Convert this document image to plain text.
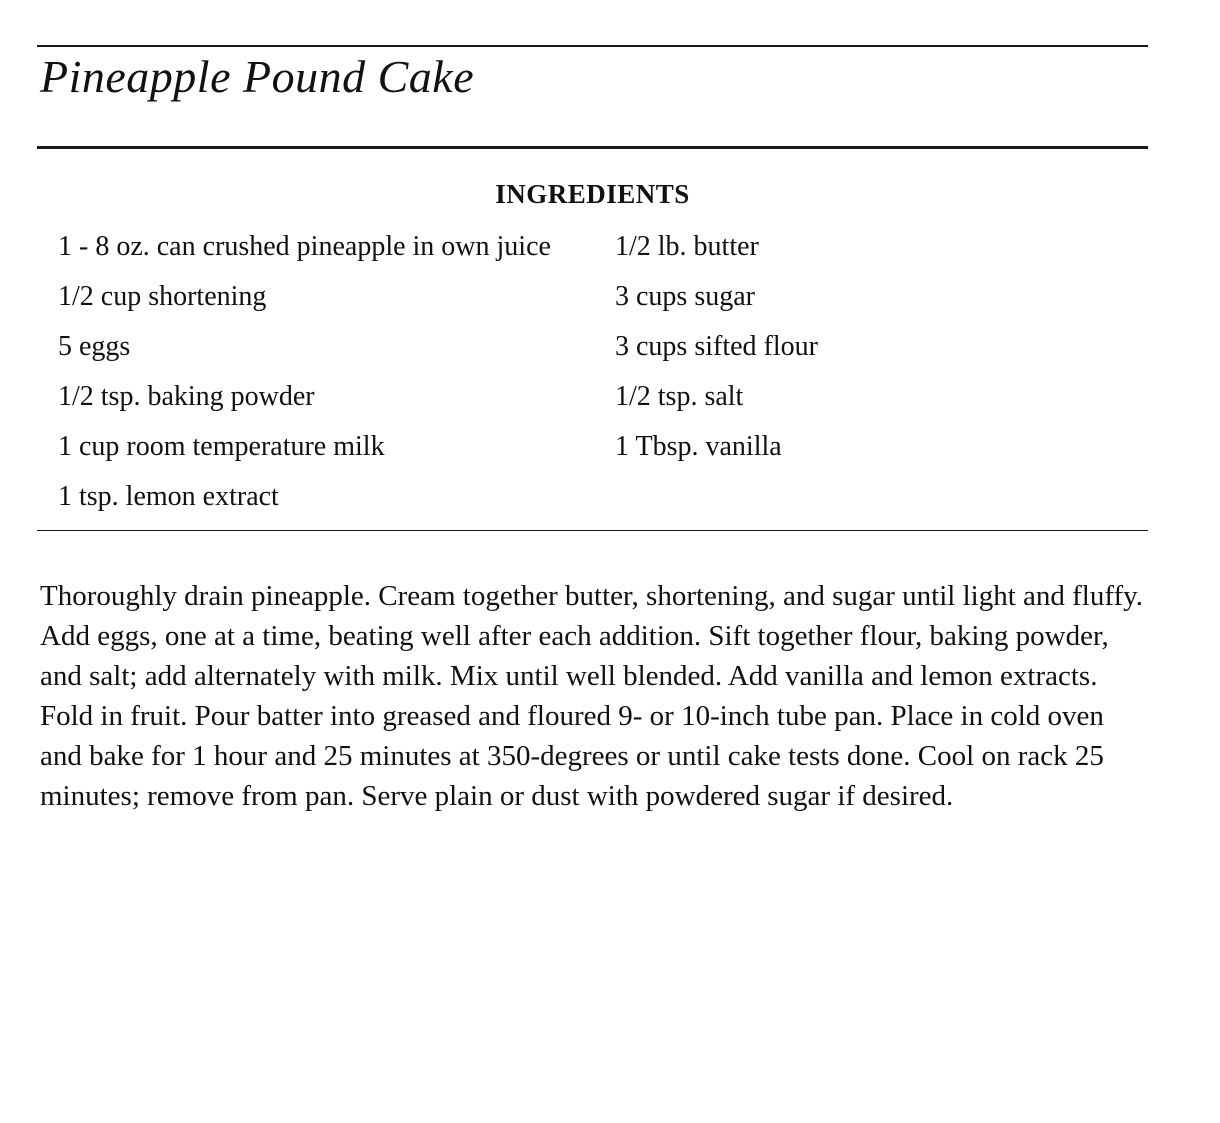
Pineapple Pound Cake
INGREDIENTS
1 - 8 oz. can crushed pineapple in own juice	1/2 lb. butter
1/2 cup shortening	3 cups sugar
5 eggs	3 cups sifted flour
1/2 tsp. baking powder	1/2 tsp. salt
1 cup room temperature milk	1 Tbsp. vanilla
1 tsp. lemon extract

Thoroughly drain pineapple. Cream together butter, shortening, and sugar until light and fluffy. Add eggs, one at a time, beating well after each addition. Sift together flour, baking powder, and salt; add alternately with milk. Mix until well blended. Add vanilla and lemon extracts. Fold in fruit. Pour batter into greased and floured 9- or 10-inch tube pan. Place in cold oven and bake for 1 hour and 25 minutes at 350-degrees or until cake tests done. Cool on rack 25 minutes; remove from pan. Serve plain or dust with powdered sugar if desired.
